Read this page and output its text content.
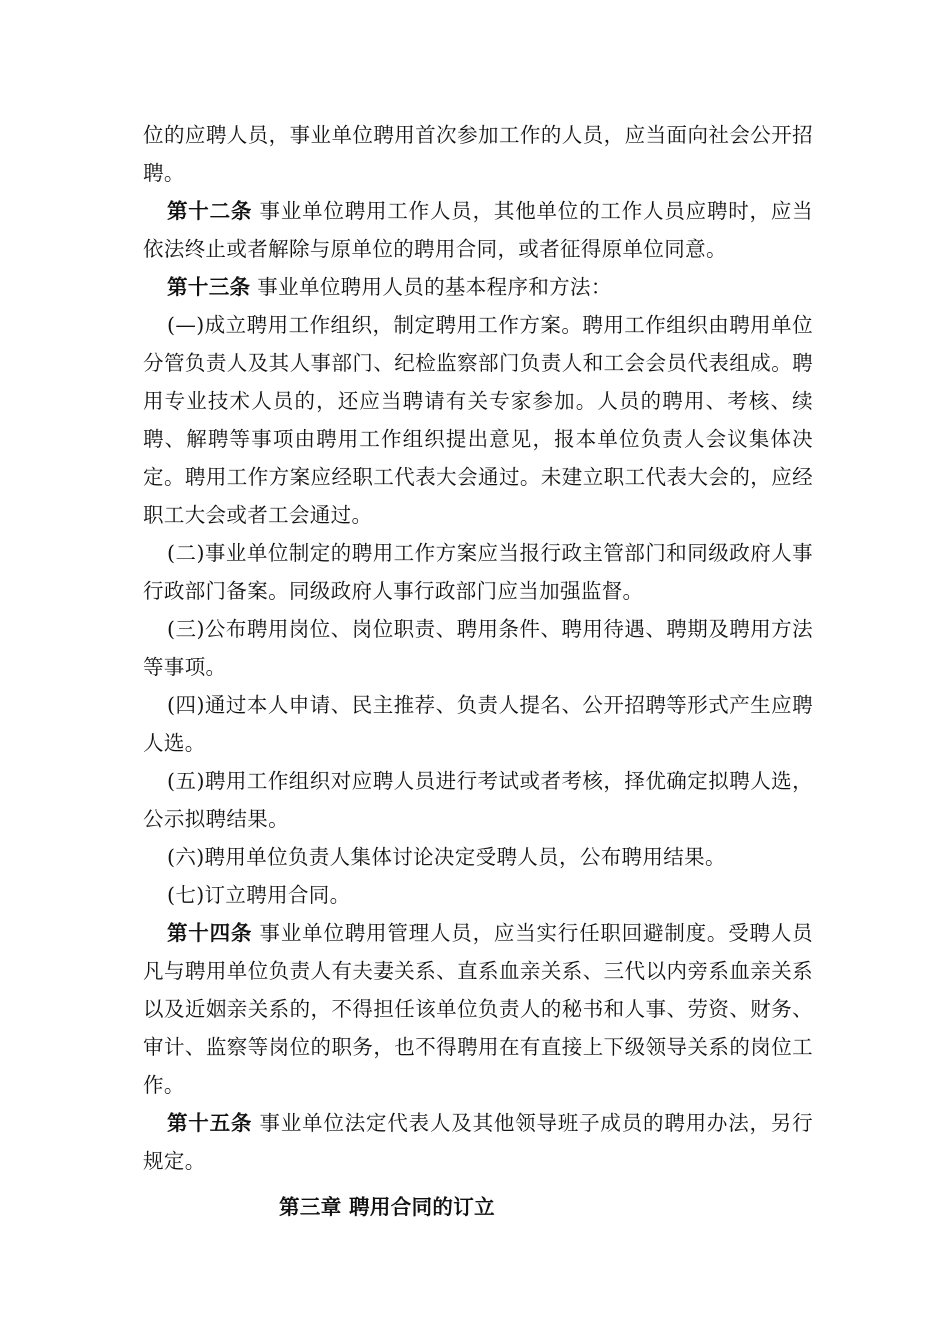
位的应聘人员，事业单位聘用首次参加工作的人员，应当面向社会公开招聘。

第十二条 事业单位聘用工作人员，其他单位的工作人员应聘时，应当依法终止或者解除与原单位的聘用合同，或者征得原单位同意。

第十三条 事业单位聘用人员的基本程序和方法：

(—)成立聘用工作组织，制定聘用工作方案。聘用工作组织由聘用单位分管负责人及其人事部门、纪检监察部门负责人和工会会员代表组成。聘用专业技术人员的，还应当聘请有关专家参加。人员的聘用、考核、续聘、解聘等事项由聘用工作组织提出意见，报本单位负责人会议集体决定。聘用工作方案应经职工代表大会通过。未建立职工代表大会的，应经职工大会或者工会通过。

(二)事业单位制定的聘用工作方案应当报行政主管部门和同级政府人事行政部门备案。同级政府人事行政部门应当加强监督。

(三)公布聘用岗位、岗位职责、聘用条件、聘用待遇、聘期及聘用方法等事项。

(四)通过本人申请、民主推荐、负责人提名、公开招聘等形式产生应聘人选。

(五)聘用工作组织对应聘人员进行考试或者考核，择优确定拟聘人选，公示拟聘结果。

(六)聘用单位负责人集体讨论决定受聘人员，公布聘用结果。

(七)订立聘用合同。

第十四条 事业单位聘用管理人员，应当实行任职回避制度。受聘人员凡与聘用单位负责人有夫妻关系、直系血亲关系、三代以内旁系血亲关系以及近姻亲关系的，不得担任该单位负责人的秘书和人事、劳资、财务、审计、监察等岗位的职务，也不得聘用在有直接上下级领导关系的岗位工作。

第十五条 事业单位法定代表人及其他领导班子成员的聘用办法，另行规定。

第三章 聘用合同的订立
